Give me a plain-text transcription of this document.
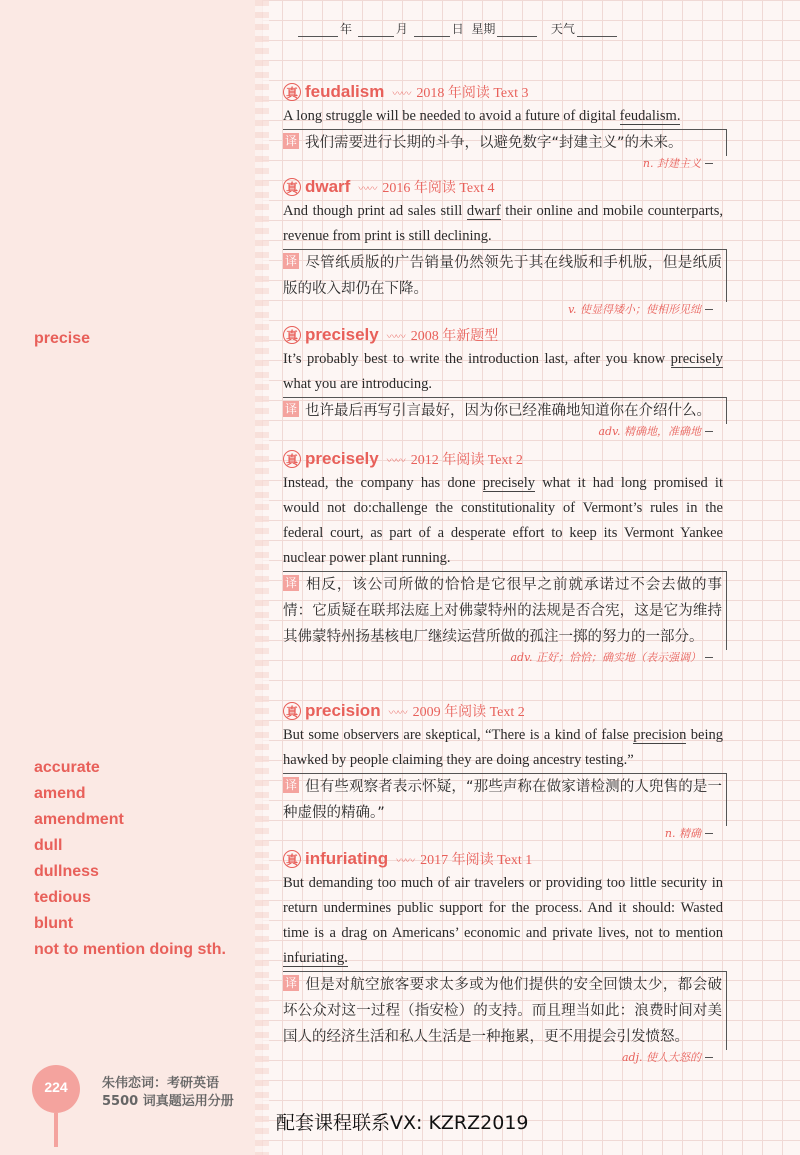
年	月	日 星期	天气
precise
accurate
amend
amendment
dull
dullness
tedious
blunt
not to mention doing sth.
真 feudalism 〰〰 2018 年阅读 Text 3
A long struggle will be needed to avoid a future of digital feudalism.
译 我们需要进行长期的斗争，以避免数字“封建主义”的未来。
n. 封建主义
真 dwarf 〰〰 2016 年阅读 Text 4
And though print ad sales still dwarf their online and mobile counterparts, revenue from print is still declining.
译 尽管纸质版的广告销量仍然领先于其在线版和手机版，但是纸质版的收入却仍在下降。
v. 使显得矮小；使相形见绌
真 precisely 〰〰 2008 年新题型
It’s probably best to write the introduction last, after you know precisely what you are introducing.
译 也许最后再写引言最好，因为你已经准确地知道你在介绍什么。
adv. 精确地，准确地
真 precisely 〰〰 2012 年阅读 Text 2
Instead, the company has done precisely what it had long promised it would not do:challenge the constitutionality of Vermont’s rules in the federal court, as part of a desperate effort to keep its Vermont Yankee nuclear power plant running.
译 相反，该公司所做的恰恰是它很早之前就承诺过不会去做的事情：它质疑在联邦法庭上对佛蒙特州的法规是否合宪，这是它为维持其佛蒙特州扬基核电厂继续运营所做的孤注一掷的努力的一部分。
adv. 正好；恰恰；确实地（表示强调）
真 precision 〰〰 2009 年阅读 Text 2
But some observers are skeptical, “There is a kind of false precision being hawked by people claiming they are doing ancestry testing.”
译 但有些观察者表示怀疑，“那些声称在做家谱检测的人兜售的是一种虚假的精确。”
n. 精确
真 infuriating 〰〰 2017 年阅读 Text 1
But demanding too much of air travelers or providing too little security in return undermines public support for the process. And it should: Wasted time is a drag on Americans’ economic and private lives, not to mention infuriating.
译 但是对航空旅客要求太多或为他们提供的安全回馈太少，都会破坏公众对这一过程（指安检）的支持。而且理当如此：浪费时间对美国人的经济生活和私人生活是一种拖累，更不用提会引发愤怒。
adj. 使人大怒的
224	朱伟恋词：考研英语
5500 词真题运用分册
配套课程联系VX: KZRZ2019
